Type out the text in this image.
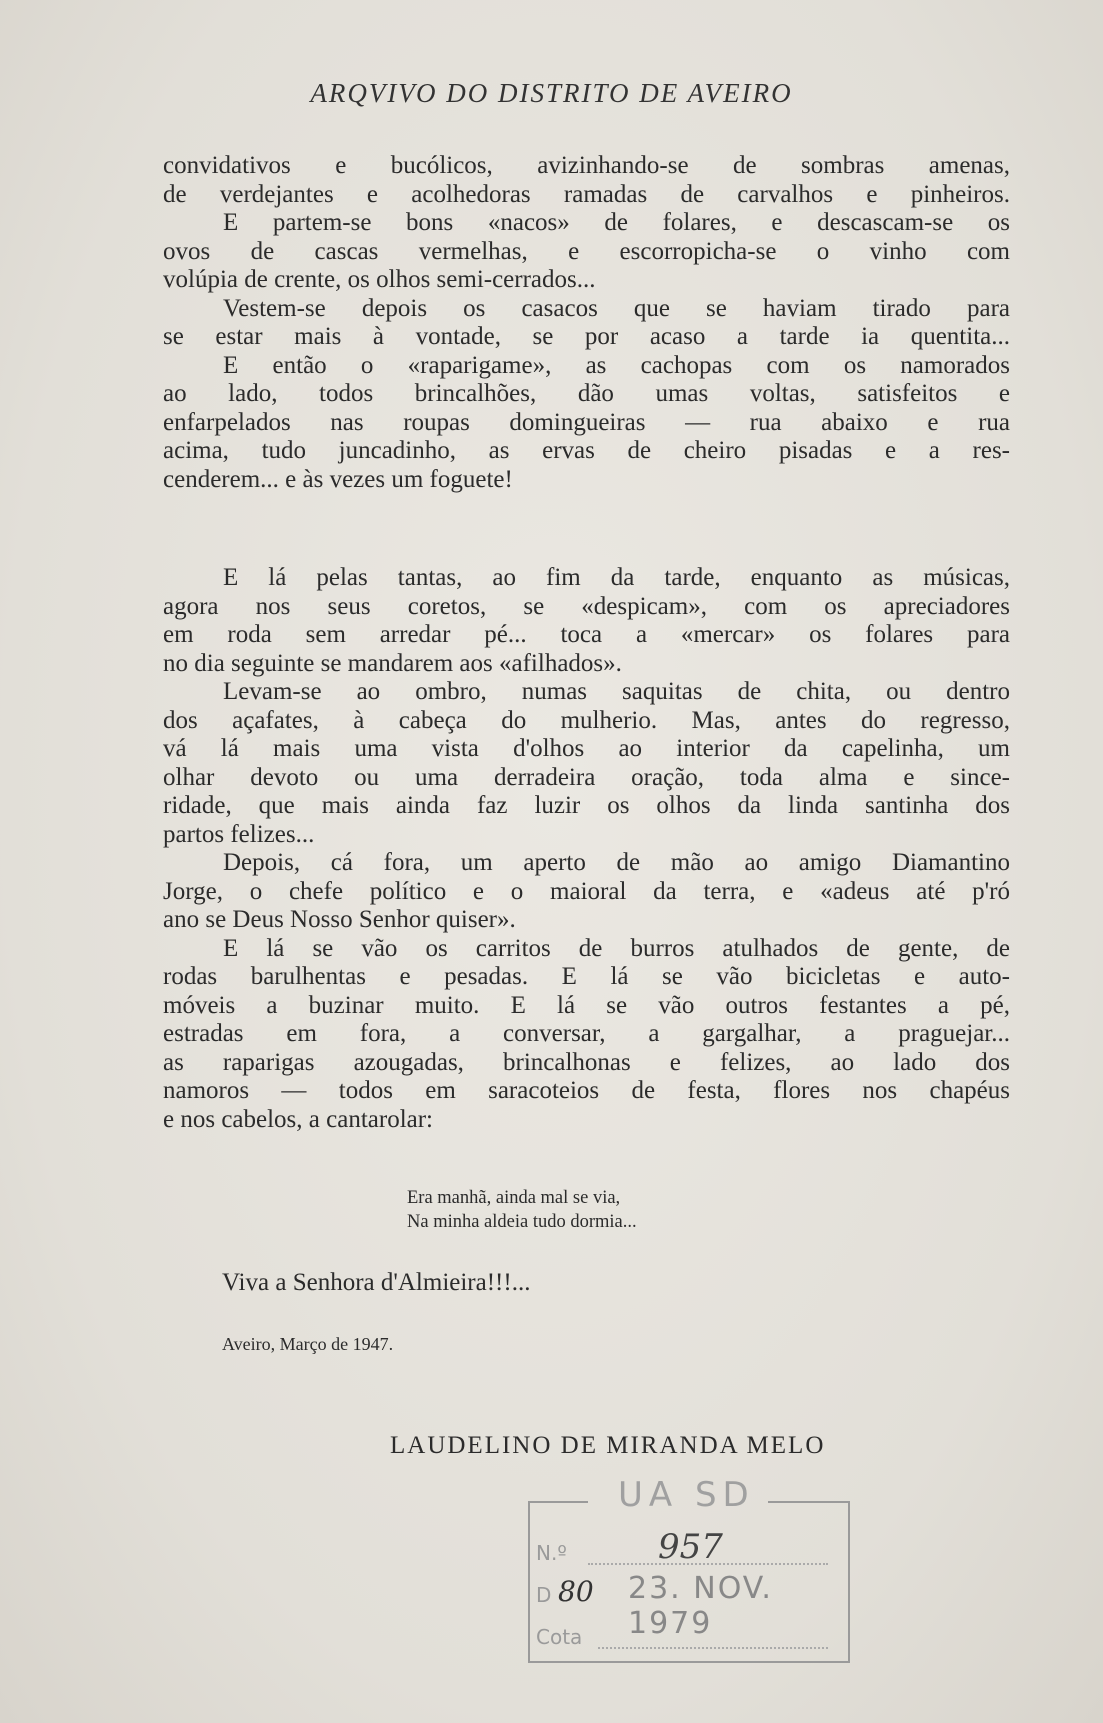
ARQVIVO DO DISTRITO DE AVEIRO
convidativos e bucólicos, avizinhando-se de sombras amenas,
de verdejantes e acolhedoras ramadas de carvalhos e pinheiros.
E partem-se bons «nacos» de folares, e descascam-se os
ovos de cascas vermelhas, e escorropicha-se o vinho com
volúpia de crente, os olhos semi-cerrados...
Vestem-se depois os casacos que se haviam tirado para
se estar mais à vontade, se por acaso a tarde ia quentita...
E então o «raparigame», as cachopas com os namorados
ao lado, todos brincalhões, dão umas voltas, satisfeitos e
enfarpelados nas roupas domingueiras — rua abaixo e rua
acima, tudo juncadinho, as ervas de cheiro pisadas e a res-
cenderem... e às vezes um foguete!
E lá pelas tantas, ao fim da tarde, enquanto as músicas,
agora nos seus coretos, se «despicam», com os apreciadores
em roda sem arredar pé... toca a «mercar» os folares para
no dia seguinte se mandarem aos «afilhados».
Levam-se ao ombro, numas saquitas de chita, ou dentro
dos açafates, à cabeça do mulherio. Mas, antes do regresso,
vá lá mais uma vista d'olhos ao interior da capelinha, um
olhar devoto ou uma derradeira oração, toda alma e since-
ridade, que mais ainda faz luzir os olhos da linda santinha dos
partos felizes...
Depois, cá fora, um aperto de mão ao amigo Diamantino
Jorge, o chefe político e o maioral da terra, e «adeus até p'ró
ano se Deus Nosso Senhor quiser».
E lá se vão os carritos de burros atulhados de gente, de
rodas barulhentas e pesadas. E lá se vão bicicletas e auto-
móveis a buzinar muito. E lá se vão outros festantes a pé,
estradas em fora, a conversar, a gargalhar, a praguejar...
as raparigas azougadas, brincalhonas e felizes, ao lado dos
namoros — todos em saracoteios de festa, flores nos chapéus
e nos cabelos, a cantarolar:
Era manhã, ainda mal se via,
Na minha aldeia tudo dormia...
Viva a Senhora d'Almieira!!!...
Aveiro, Março de 1947.
LAUDELINO DE MIRANDA MELO
UA SD
N.º	957
D 80 23. NOV. 1979
Cota
